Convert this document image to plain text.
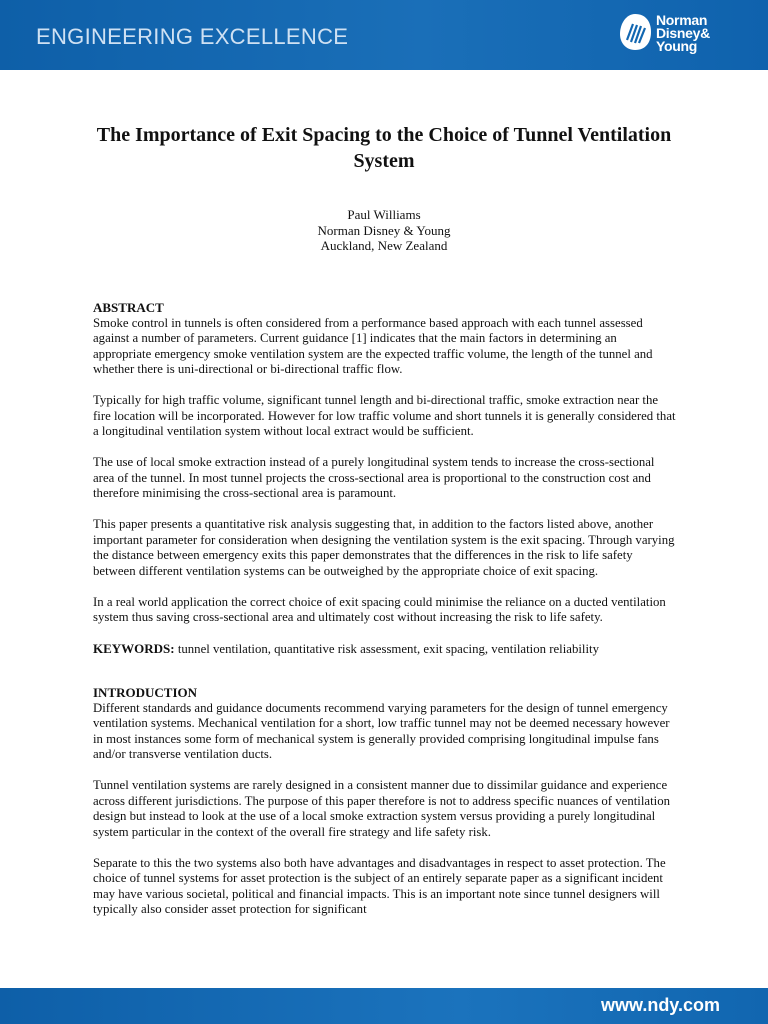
ENGINEERING EXCELLENCE
Norman
Disney&
Young
The Importance of Exit Spacing to the Choice of Tunnel Ventilation System
Paul Williams
Norman Disney & Young
Auckland, New Zealand
ABSTRACT

Smoke control in tunnels is often considered from a performance based approach with each tunnel assessed against a number of parameters. Current guidance [1] indicates that the main factors in determining an appropriate emergency smoke ventilation system are the expected traffic volume, the length of the tunnel and whether there is uni-directional or bi-directional traffic flow.

Typically for high traffic volume, significant tunnel length and bi-directional traffic, smoke extraction near the fire location will be incorporated. However for low traffic volume and short tunnels it is generally considered that a longitudinal ventilation system without local extract would be sufficient.

The use of local smoke extraction instead of a purely longitudinal system tends to increase the cross-sectional area of the tunnel. In most tunnel projects the cross-sectional area is proportional to the construction cost and therefore minimising the cross-sectional area is paramount.

This paper presents a quantitative risk analysis suggesting that, in addition to the factors listed above, another important parameter for consideration when designing the ventilation system is the exit spacing. Through varying the distance between emergency exits this paper demonstrates that the differences in the risk to life safety between different ventilation systems can be outweighed by the appropriate choice of exit spacing.

In a real world application the correct choice of exit spacing could minimise the reliance on a ducted ventilation system thus saving cross-sectional area and ultimately cost without increasing the risk to life safety.

KEYWORDS: tunnel ventilation, quantitative risk assessment, exit spacing, ventilation reliability
INTRODUCTION

Different standards and guidance documents recommend varying parameters for the design of tunnel emergency ventilation systems. Mechanical ventilation for a short, low traffic tunnel may not be deemed necessary however in most instances some form of mechanical system is generally provided comprising longitudinal impulse fans and/or transverse ventilation ducts.

Tunnel ventilation systems are rarely designed in a consistent manner due to dissimilar guidance and experience across different jurisdictions. The purpose of this paper therefore is not to address specific nuances of ventilation design but instead to look at the use of a local smoke extraction system versus providing a purely longitudinal system particular in the context of the overall fire strategy and life safety risk.

Separate to this the two systems also both have advantages and disadvantages in respect to asset protection. The choice of tunnel systems for asset protection is the subject of an entirely separate paper as a significant incident may have various societal, political and financial impacts. This is an important note since tunnel designers will typically also consider asset protection for significant

www.ndy.com
